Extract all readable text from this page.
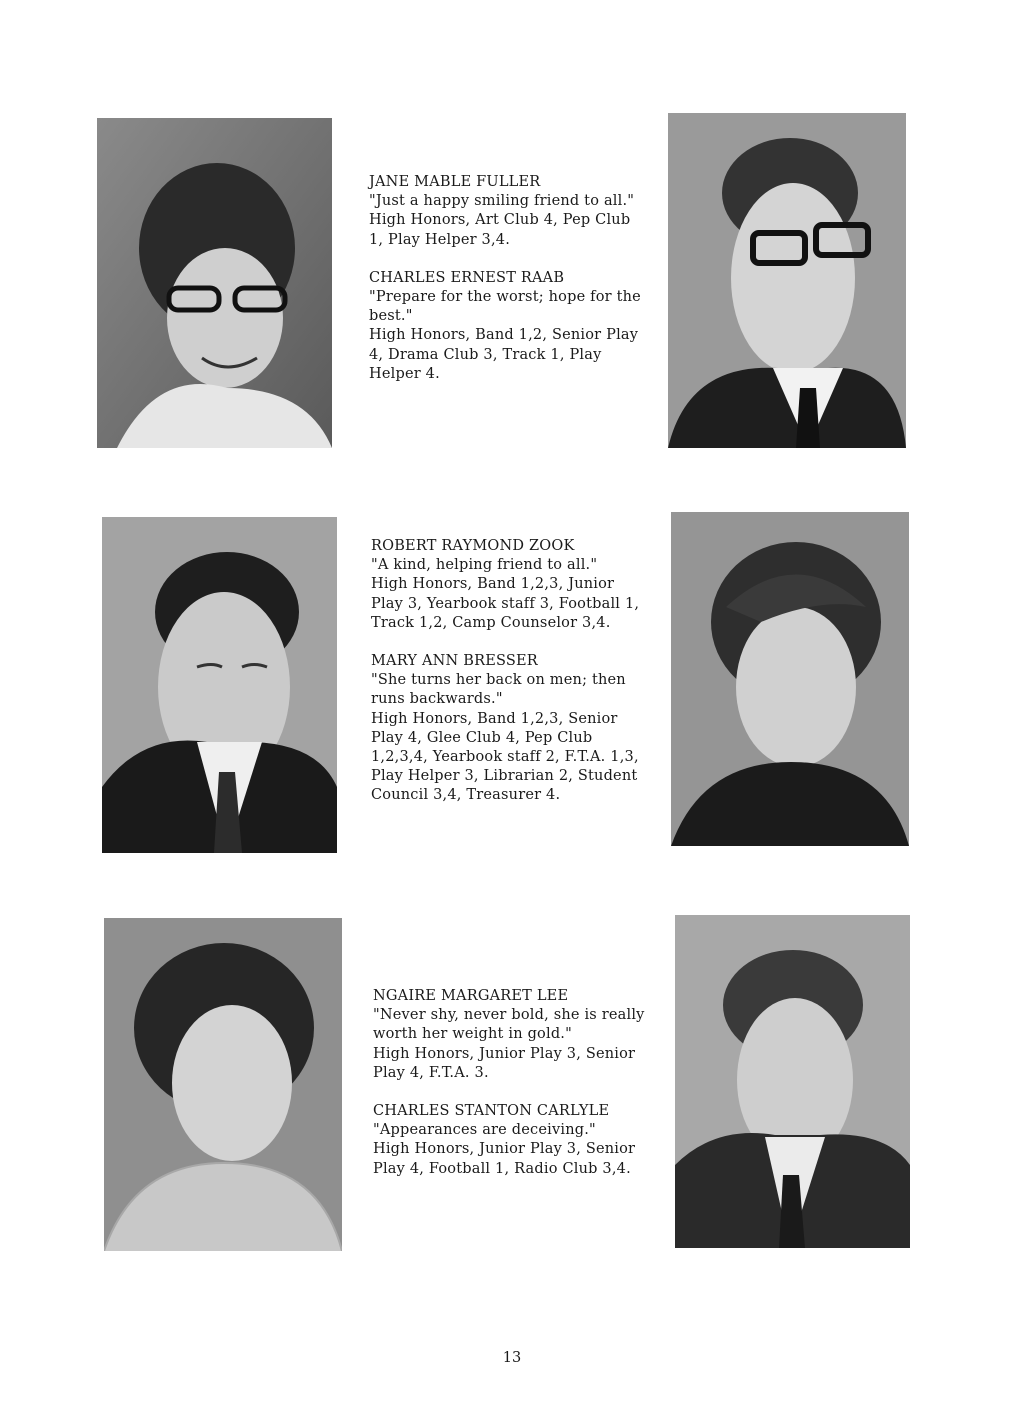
JANE MABLE FULLER
"Just a happy smiling friend to all."
High Honors, Art Club 4, Pep Club 1, Play Helper 3,4.
CHARLES ERNEST RAAB
"Prepare for the worst; hope for the best."
High Honors, Band 1,2, Senior Play 4, Drama Club 3, Track 1, Play Helper 4.
ROBERT RAYMOND ZOOK
"A kind, helping friend to all."
High Honors, Band 1,2,3, Junior Play 3, Yearbook staff 3, Football 1, Track 1,2, Camp Counselor 3,4.
MARY ANN BRESSER
"She turns her back on men; then runs backwards."
High Honors, Band 1,2,3, Senior Play 4, Glee Club 4, Pep Club 1,2,3,4, Yearbook staff 2, F.T.A. 1,3, Play Helper 3, Librarian 2, Student Council 3,4, Treasurer 4.
NGAIRE MARGARET LEE
"Never shy, never bold, she is really worth her weight in gold."
High Honors, Junior Play 3, Senior Play 4, F.T.A. 3.
CHARLES STANTON CARLYLE
"Appearances are deceiving."
High Honors, Junior Play 3, Senior Play 4, Football 1, Radio Club 3,4.
13
